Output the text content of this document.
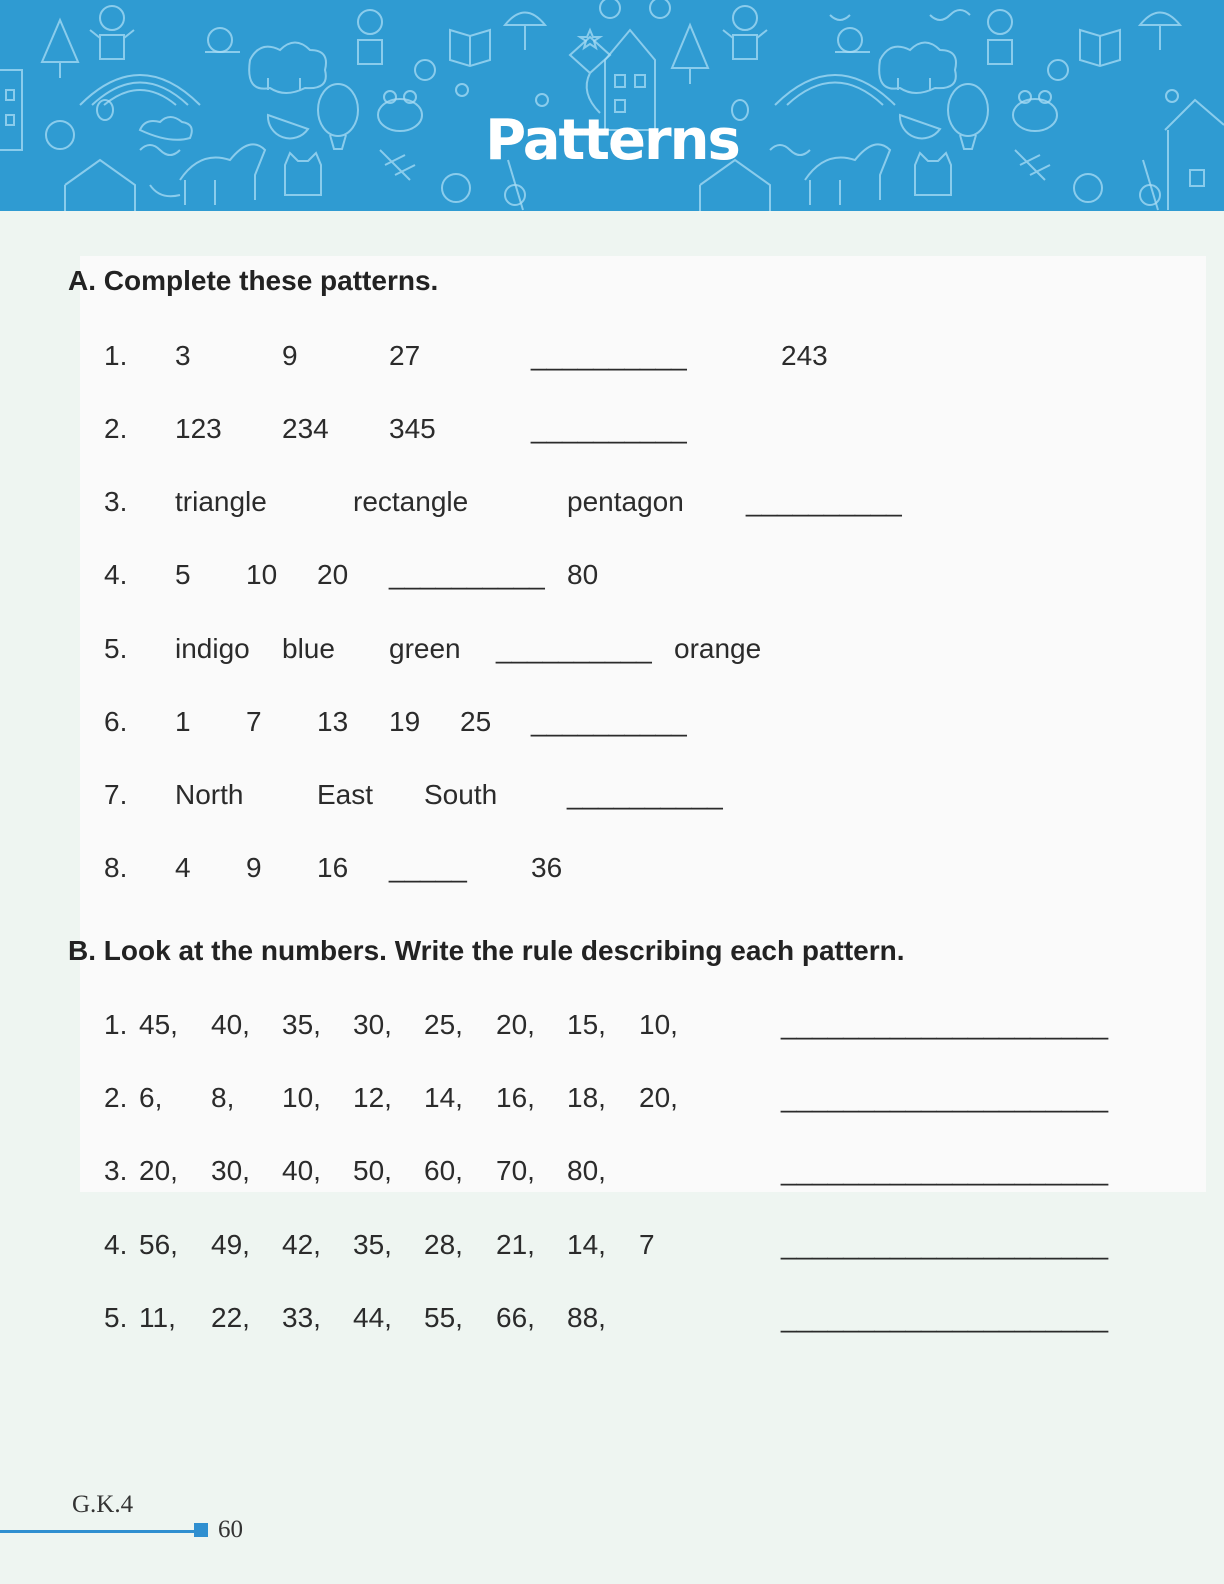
Patterns
A. Complete these patterns.
1. 3	9	27	__________	243
2. 123 234 345	__________
3. triangle	rectangle	pentagon __________
4. 5 10 20 __________ 80
5. indigo blue green __________ orange
6. 1 7 13 19 25 __________
7. North	East South __________
8. 4 9 16 _____ 36
B. Look at the numbers. Write the rule describing each pattern.
1. 45, 40, 35, 30, 25, 20, 15, 10,	_____________________
2. 6, 8, 10, 12, 14, 16, 18, 20,	_____________________
3. 20, 30, 40, 50, 60, 70, 80,	_____________________
4. 56, 49, 42, 35, 28, 21, 14, 7	_____________________
5. 11, 22, 33, 44, 55, 66, 88,	_____________________
G.K.4
60
